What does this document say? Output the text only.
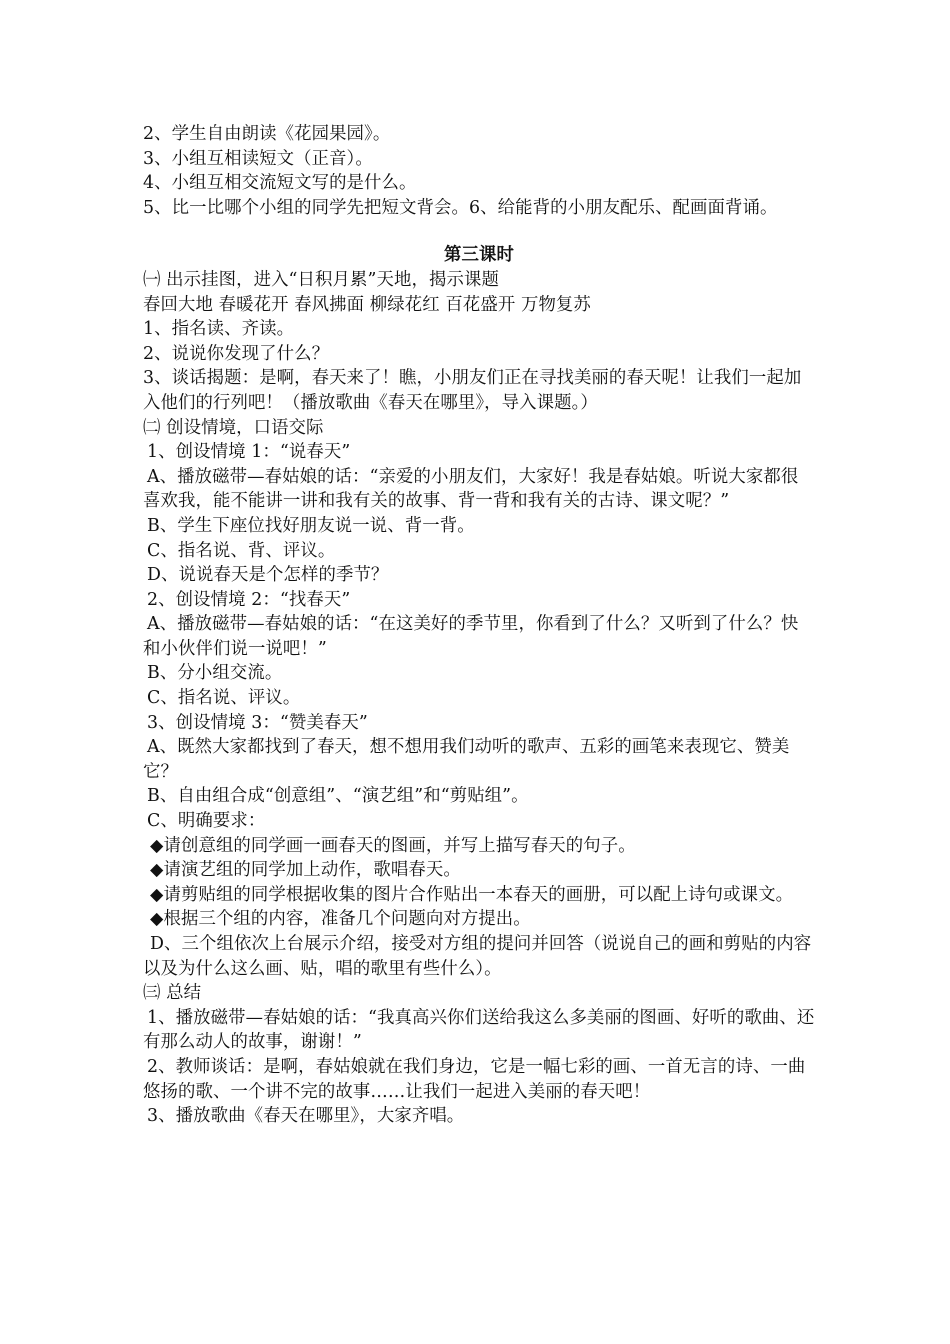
2、学生自由朗读《花园果园》。
3、小组互相读短文（正音）。
4、小组互相交流短文写的是什么。
5、比一比哪个小组的同学先把短文背会。6、给能背的小朋友配乐、配画面背诵。
第三课时
㈠ 出示挂图，进入“日积月累”天地，揭示课题
春回大地 春暖花开 春风拂面 柳绿花红 百花盛开 万物复苏
1、指名读、齐读。
2、说说你发现了什么？
3、谈话揭题：是啊，春天来了！瞧，小朋友们正在寻找美丽的春天呢！让我们一起加入他们的行列吧！（播放歌曲《春天在哪里》，导入课题。）
㈡ 创设情境，口语交际
1、创设情境 1：“说春天”
A、播放磁带—春姑娘的话：“亲爱的小朋友们，大家好！我是春姑娘。听说大家都很喜欢我，能不能讲一讲和我有关的故事、背一背和我有关的古诗、课文呢？”
B、学生下座位找好朋友说一说、背一背。
C、指名说、背、评议。
D、说说春天是个怎样的季节？
2、创设情境 2：“找春天”
A、播放磁带—春姑娘的话：“在这美好的季节里，你看到了什么？又听到了什么？快和小伙伴们说一说吧！”
B、分小组交流。
C、指名说、评议。
3、创设情境 3：“赞美春天”
A、既然大家都找到了春天，想不想用我们动听的歌声、五彩的画笔来表现它、赞美它？
B、自由组合成“创意组”、“演艺组”和“剪贴组”。
C、明确要求：
◆请创意组的同学画一画春天的图画，并写上描写春天的句子。
◆请演艺组的同学加上动作，歌唱春天。
◆请剪贴组的同学根据收集的图片合作贴出一本春天的画册，可以配上诗句或课文。
◆根据三个组的内容，准备几个问题向对方提出。
D、三个组依次上台展示介绍，接受对方组的提问并回答（说说自己的画和剪贴的内容以及为什么这么画、贴，唱的歌里有些什么）。
㈢ 总结
1、播放磁带—春姑娘的话：“我真高兴你们送给我这么多美丽的图画、好听的歌曲、还有那么动人的故事，谢谢！”
2、教师谈话：是啊，春姑娘就在我们身边，它是一幅七彩的画、一首无言的诗、一曲悠扬的歌、一个讲不完的故事……让我们一起进入美丽的春天吧！
3、播放歌曲《春天在哪里》，大家齐唱。
